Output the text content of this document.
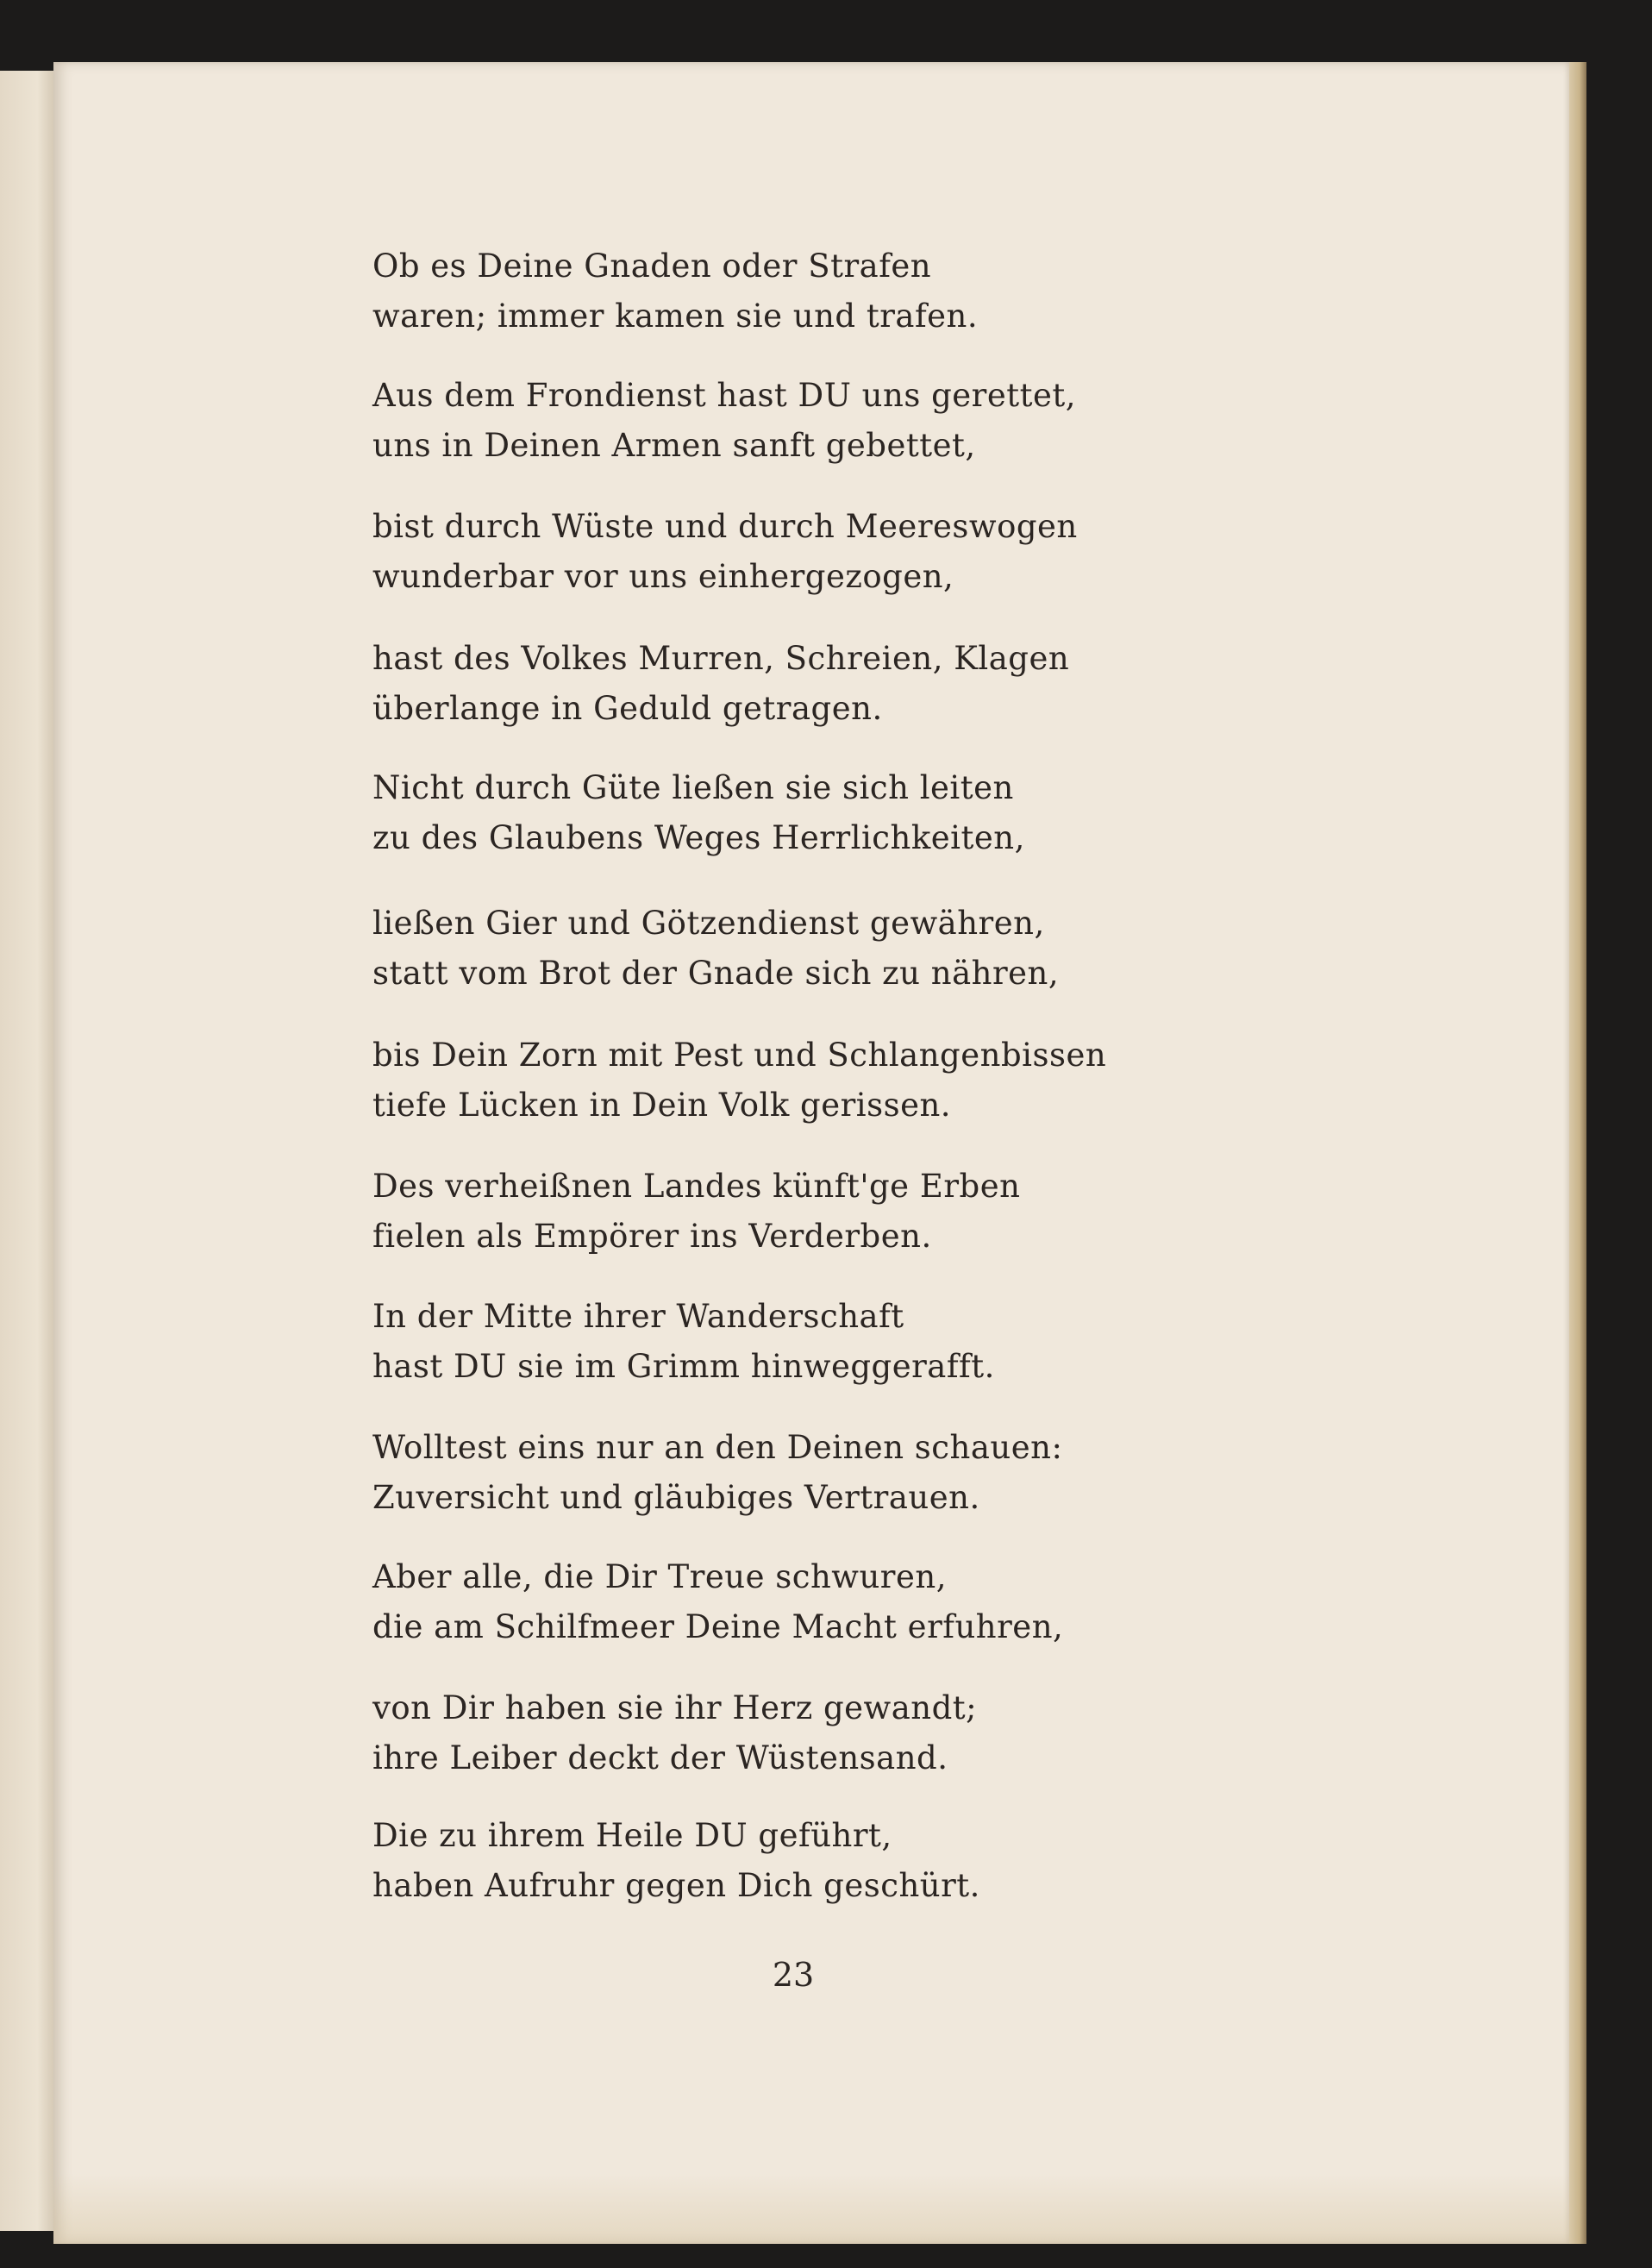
Ob es Deine Gnaden oder Strafen
waren; immer kamen sie und trafen.
Aus dem Frondienst hast DU uns gerettet,
uns in Deinen Armen sanft gebettet,
bist durch Wüste und durch Meereswogen
wunderbar vor uns einhergezogen,
hast des Volkes Murren, Schreien, Klagen
überlange in Geduld getragen.
Nicht durch Güte ließen sie sich leiten
zu des Glaubens Weges Herrlichkeiten,
ließen Gier und Götzendienst gewähren,
statt vom Brot der Gnade sich zu nähren,
bis Dein Zorn mit Pest und Schlangenbissen
tiefe Lücken in Dein Volk gerissen.
Des verheißnen Landes künft'ge Erben
fielen als Empörer ins Verderben.
In der Mitte ihrer Wanderschaft
hast DU sie im Grimm hinweggerafft.
Wolltest eins nur an den Deinen schauen:
Zuversicht und gläubiges Vertrauen.
Aber alle, die Dir Treue schwuren,
die am Schilfmeer Deine Macht erfuhren,
von Dir haben sie ihr Herz gewandt;
ihre Leiber deckt der Wüstensand.
Die zu ihrem Heile DU geführt,
haben Aufruhr gegen Dich geschürt.
23
